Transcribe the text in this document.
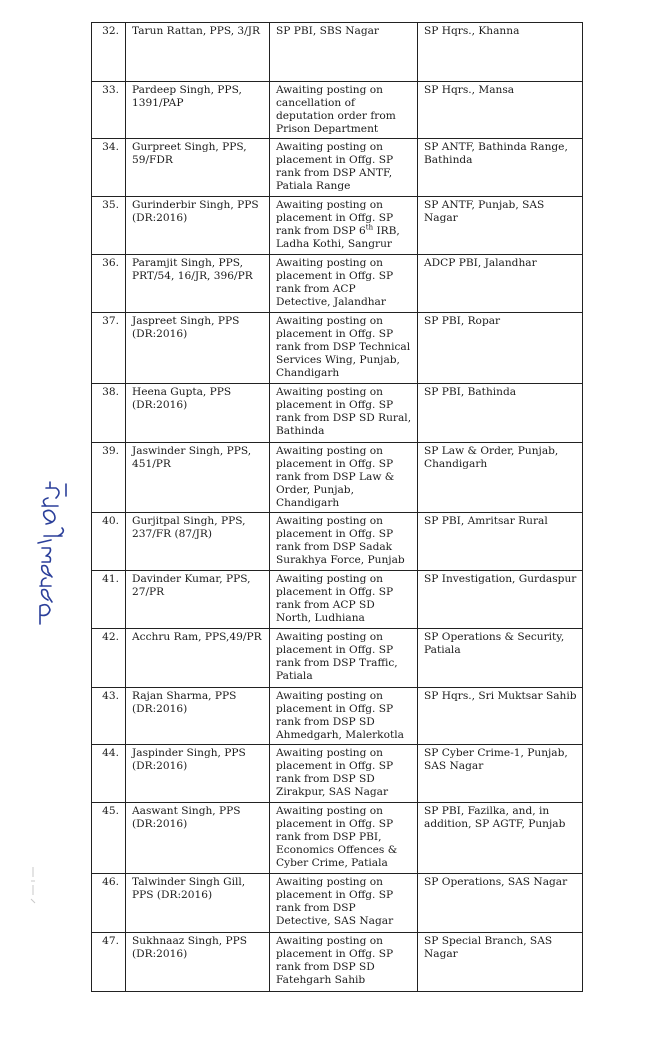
32.	Tarun Rattan, PPS, 3/JR	SP PBI, SBS Nagar	SP Hqrs., Khanna
33.	Pardeep Singh, PPS, 1391/PAP	Awaiting posting on cancellation of deputation order from Prison Department	SP Hqrs., Mansa
34.	Gurpreet Singh, PPS, 59/FDR	Awaiting posting on placement in Offg. SP rank from DSP ANTF, Patiala Range	SP ANTF, Bathinda Range, Bathinda
35.	Gurinderbir Singh, PPS (DR:2016)	Awaiting posting on placement in Offg. SP rank from DSP 6th IRB, Ladha Kothi, Sangrur	SP ANTF, Punjab, SAS Nagar
36.	Paramjit Singh, PPS, PRT/54, 16/JR, 396/PR	Awaiting posting on placement in Offg. SP rank from ACP Detective, Jalandhar	ADCP PBI, Jalandhar
37.	Jaspreet Singh, PPS (DR:2016)	Awaiting posting on placement in Offg. SP rank from DSP Technical Services Wing, Punjab, Chandigarh	SP PBI, Ropar
38.	Heena Gupta, PPS (DR:2016)	Awaiting posting on placement in Offg. SP rank from DSP SD Rural, Bathinda	SP PBI, Bathinda
39.	Jaswinder Singh, PPS, 451/PR	Awaiting posting on placement in Offg. SP rank from DSP Law & Order, Punjab, Chandigarh	SP Law & Order, Punjab, Chandigarh
40.	Gurjitpal Singh, PPS, 237/FR (87/JR)	Awaiting posting on placement in Offg. SP rank from DSP Sadak Surakhya Force, Punjab	SP PBI, Amritsar Rural
41.	Davinder Kumar, PPS, 27/PR	Awaiting posting on placement in Offg. SP rank from ACP SD North, Ludhiana	SP Investigation, Gurdaspur
42.	Acchru Ram, PPS,49/PR	Awaiting posting on placement in Offg. SP rank from DSP Traffic, Patiala	SP Operations & Security, Patiala
43.	Rajan Sharma, PPS (DR:2016)	Awaiting posting on placement in Offg. SP rank from DSP SD Ahmedgarh, Malerkotla	SP Hqrs., Sri Muktsar Sahib
44.	Jaspinder Singh, PPS (DR:2016)	Awaiting posting on placement in Offg. SP rank from DSP SD Zirakpur, SAS Nagar	SP Cyber Crime-1, Punjab, SAS Nagar
45.	Aaswant Singh, PPS (DR:2016)	Awaiting posting on placement in Offg. SP rank from DSP PBI, Economics Offences & Cyber Crime, Patiala	SP PBI, Fazilka, and, in addition, SP AGTF, Punjab
46.	Talwinder Singh Gill, PPS (DR:2016)	Awaiting posting on placement in Offg. SP rank from DSP Detective, SAS Nagar	SP Operations, SAS Nagar
47.	Sukhnaaz Singh, PPS (DR:2016)	Awaiting posting on placement in Offg. SP rank from DSP SD Fatehgarh Sahib	SP Special Branch, SAS Nagar
